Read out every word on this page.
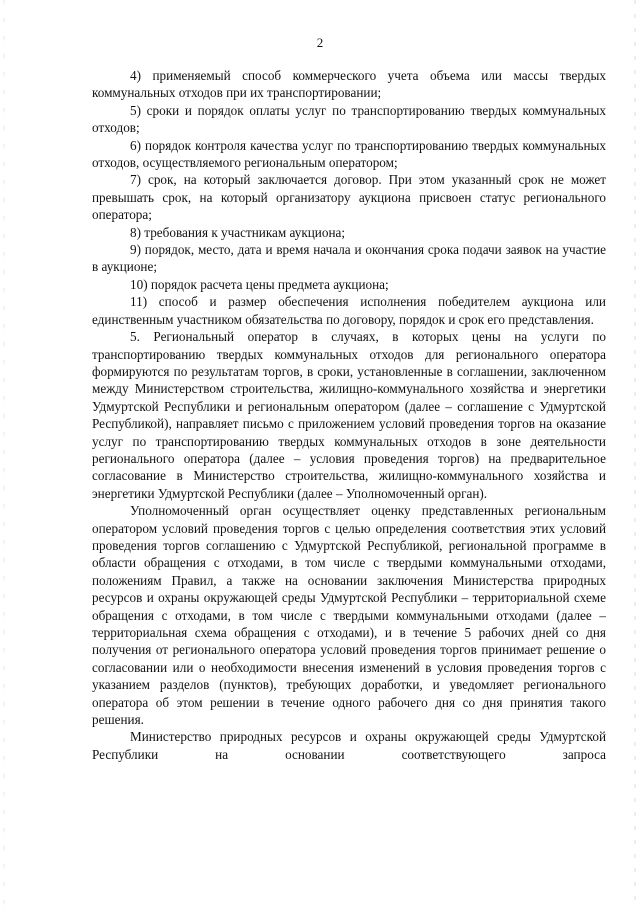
2

4) применяемый способ коммерческого учета объема или массы твердых коммунальных отходов при их транспортировании;

5) сроки и порядок оплаты услуг по транспортированию твердых коммунальных отходов;

6) порядок контроля качества услуг по транспортированию твердых коммунальных отходов, осуществляемого региональным оператором;

7) срок, на который заключается договор. При этом указанный срок не может превышать срок, на который организатору аукциона присвоен статус регионального оператора;

8) требования к участникам аукциона;

9) порядок, место, дата и время начала и окончания срока подачи заявок на участие в аукционе;

10) порядок расчета цены предмета аукциона;

11) способ и размер обеспечения исполнения победителем аукциона или единственным участником обязательства по договору, порядок и срок его представления.

5. Региональный оператор в случаях, в которых цены на услуги по транспортированию твердых коммунальных отходов для регионального оператора формируются по результатам торгов, в сроки, установленные в соглашении, заключенном между Министерством строительства, жилищно-коммунального хозяйства и энергетики Удмуртской Республики и региональным оператором (далее – соглашение с Удмуртской Республикой), направляет письмо с приложением условий проведения торгов на оказание услуг по транспортированию твердых коммунальных отходов в зоне деятельности регионального оператора (далее – условия проведения торгов) на предварительное согласование в Министерство строительства, жилищно-коммунального хозяйства и энергетики Удмуртской Республики (далее – Уполномоченный орган).

Уполномоченный орган осуществляет оценку представленных региональным оператором условий проведения торгов с целью определения соответствия этих условий проведения торгов соглашению с Удмуртской Республикой, региональной программе в области обращения с отходами, в том числе с твердыми коммунальными отходами, положениям Правил, а также на основании заключения Министерства природных ресурсов и охраны окружающей среды Удмуртской Республики – территориальной схеме обращения с отходами, в том числе с твердыми коммунальными отходами (далее – территориальная схема обращения с отходами), и в течение 5 рабочих дней со дня получения от регионального оператора условий проведения торгов принимает решение о согласовании или о необходимости внесения изменений в условия проведения торгов с указанием разделов (пунктов), требующих доработки, и уведомляет регионального оператора об этом решении в течение одного рабочего дня со дня принятия такого решения.

Министерство природных ресурсов и охраны окружающей среды Удмуртской Республики на основании соответствующего запроса
